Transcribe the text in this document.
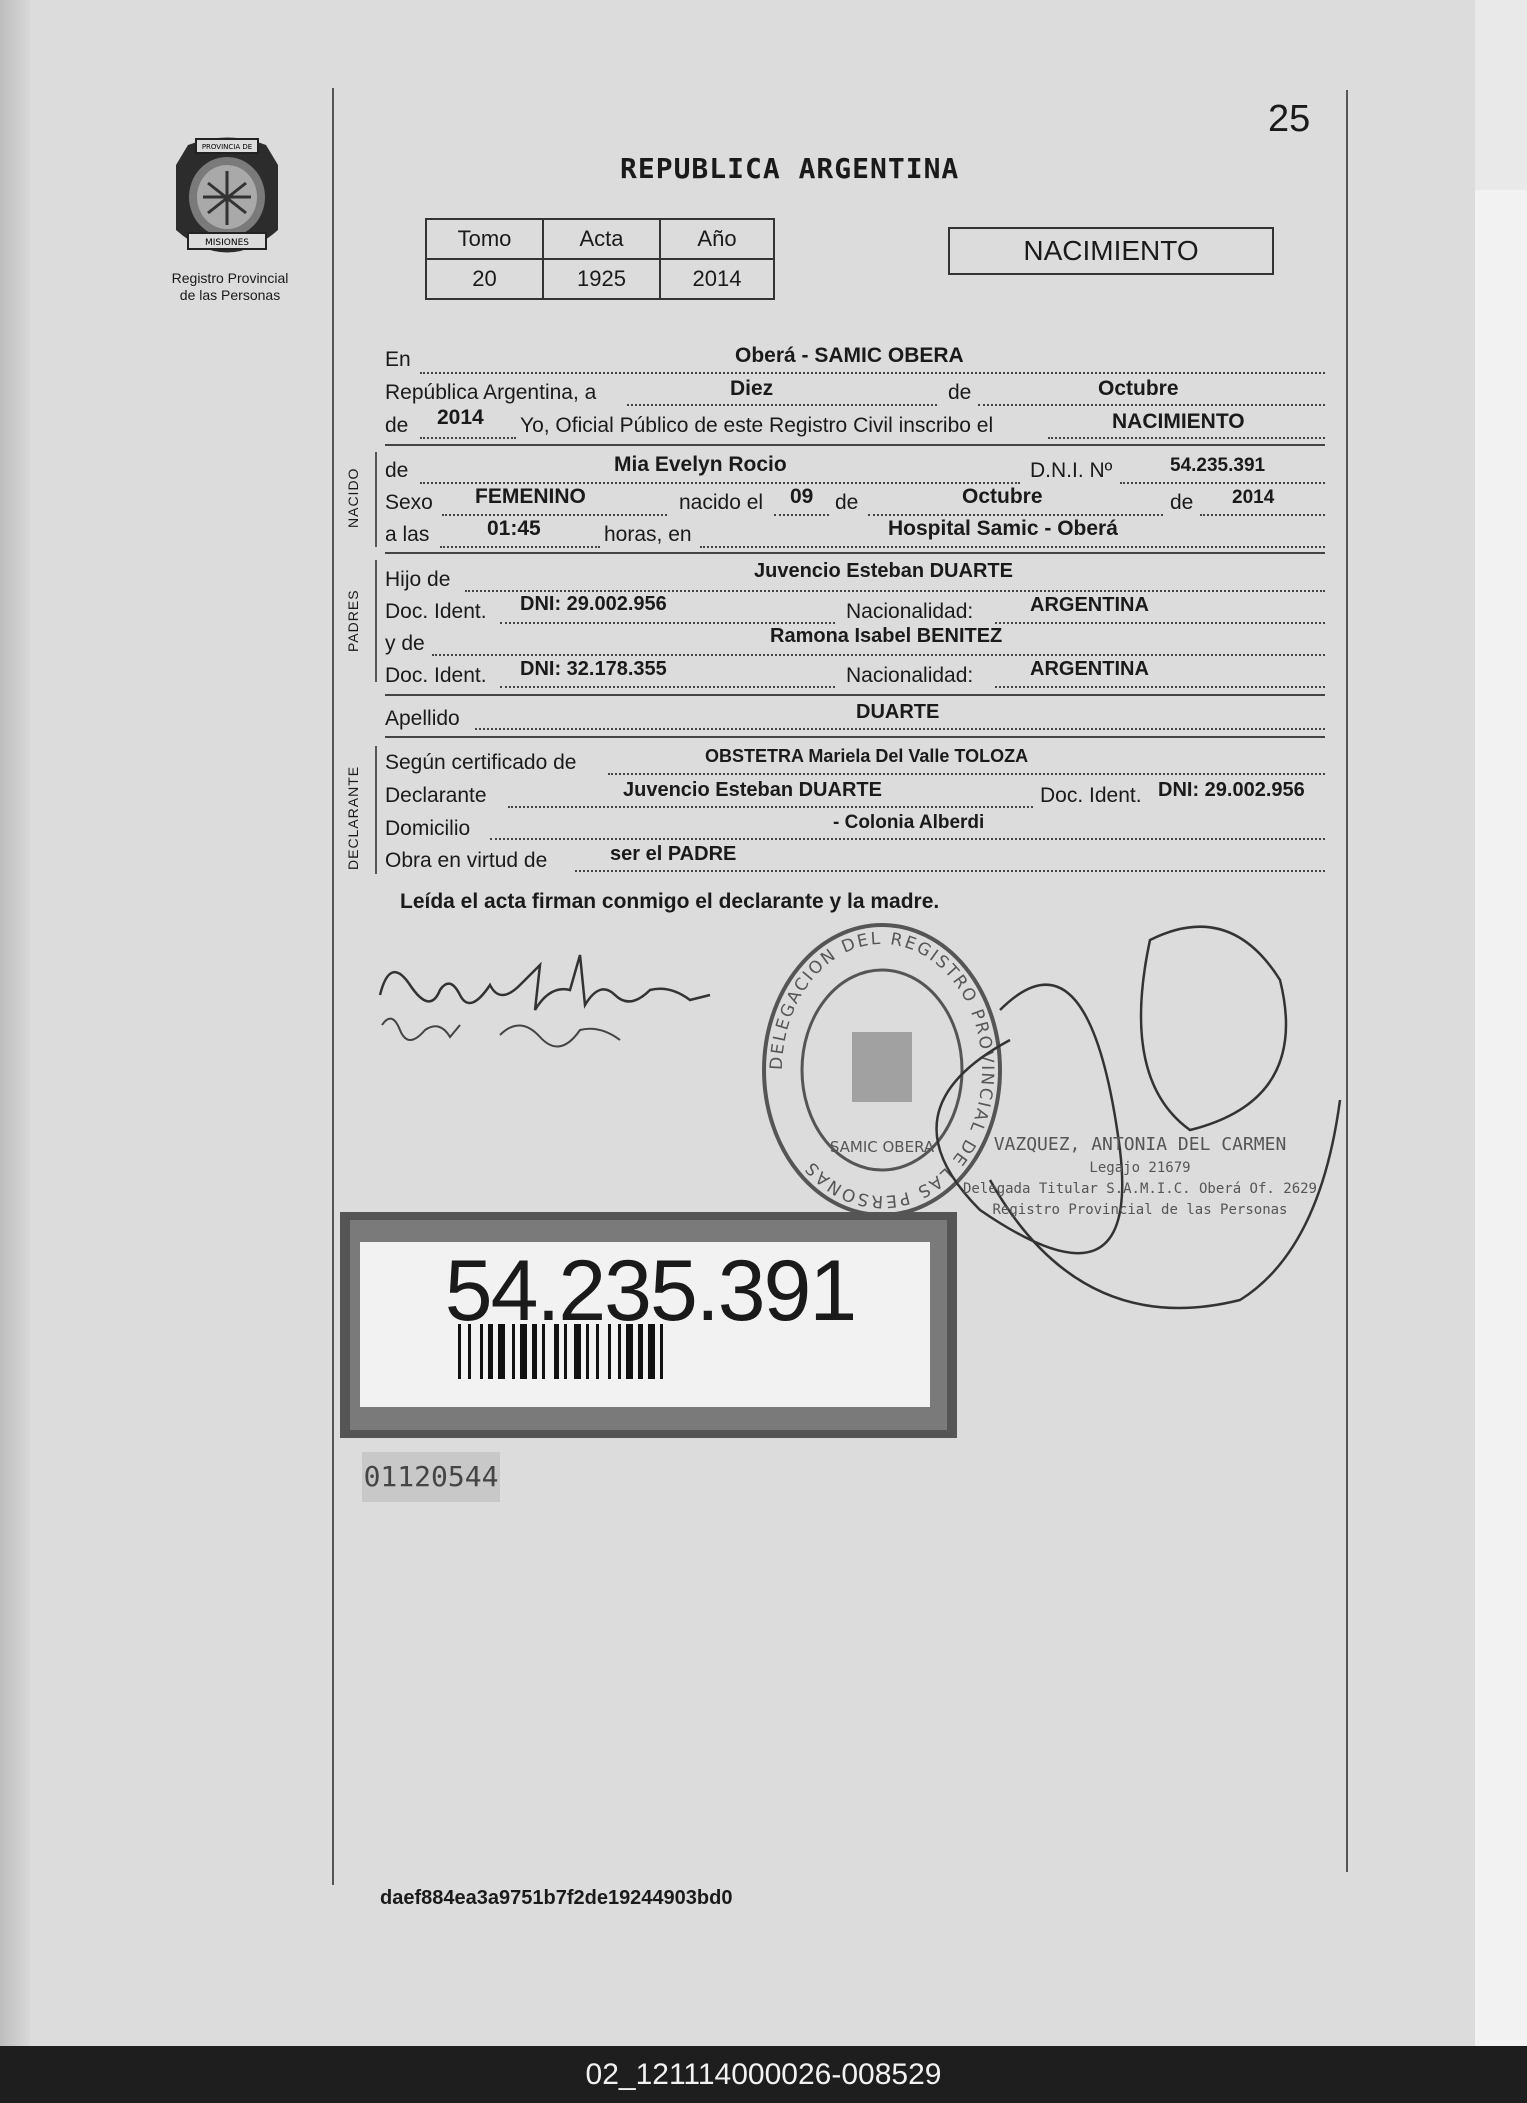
25
MISIONES
PROVINCIA DE
Registro Provincial
de las Personas
REPUBLICA ARGENTINA
Tomo	Acta	Año
20	1925	2014
NACIMIENTO
En	Oberá - SAMIC OBERA
República Argentina, a	Diez	de	Octubre
de 2014 Yo, Oficial Público de este Registro Civil inscribo el	NACIMIENTO
NACIDO de	Mia Evelyn Rocio	D.N.I. Nº	54.235.391
Sexo FEMENINO	nacido el 09 de	Octubre	de 2014
a las	01:45	horas, en	Hospital Samic - Oberá
PADRES
Hijo de	Juvencio Esteban DUARTE
Doc. Ident. DNI: 29.002.956	Nacionalidad:	ARGENTINA
y de	Ramona Isabel BENITEZ
Doc. Ident. DNI: 32.178.355	Nacionalidad:	ARGENTINA
Apellido	DUARTE
DECLARANTE
Según certificado de	OBSTETRA Mariela Del Valle TOLOZA
Declarante	Juvencio Esteban DUARTE	Doc. Ident. DNI: 29.002.956
Domicilio	- Colonia Alberdi
Obra en virtud de	ser el PADRE
Leída el acta firman conmigo el declarante y la madre.
DELEGACION DEL REGISTRO PROVINCIAL DE LAS PERSONAS
SAMIC OBERA	VAZQUEZ, ANTONIA DEL CARMEN
Legajo 21679
Delegada Titular S.A.M.I.C. Oberá Of. 2629
Registro Provincial de las Personas
54.235.391
01120544
daef884ea3a9751b7f2de19244903bd0
02_121114000026-008529
